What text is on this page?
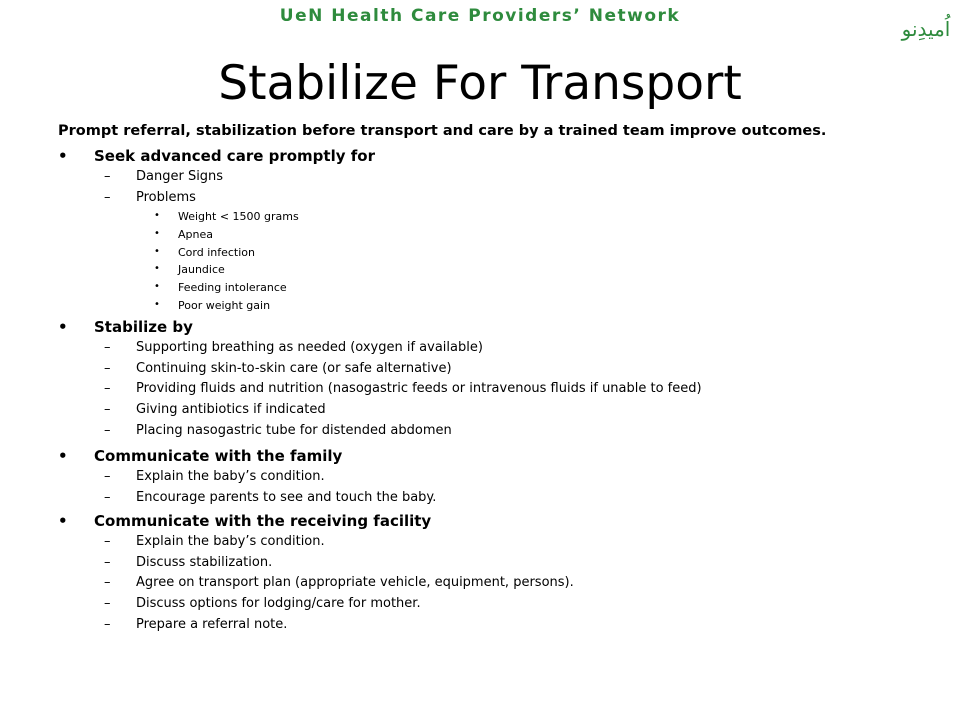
UeN Health Care Providers’ Network
اُمیدِنو
Stabilize For Transport
Prompt referral, stabilization before transport and care by a trained team improve outcomes.
• Seek advanced care promptly for
– Danger Signs
– Problems
• Weight < 1500 grams
• Apnea
• Cord infection
• Jaundice
• Feeding intolerance
• Poor weight gain
• Stabilize by
– Supporting breathing as needed (oxygen if available)
– Continuing skin-to-skin care (or safe alternative)
– Providing fluids and nutrition (nasogastric feeds or intravenous fluids if unable to feed)
– Giving antibiotics if indicated
– Placing nasogastric tube for distended abdomen
• Communicate with the family
– Explain the baby’s condition.
– Encourage parents to see and touch the baby.
• Communicate with the receiving facility
– Explain the baby’s condition.
– Discuss stabilization.
– Agree on transport plan (appropriate vehicle, equipment, persons).
– Discuss options for lodging/care for mother.
– Prepare a referral note.
